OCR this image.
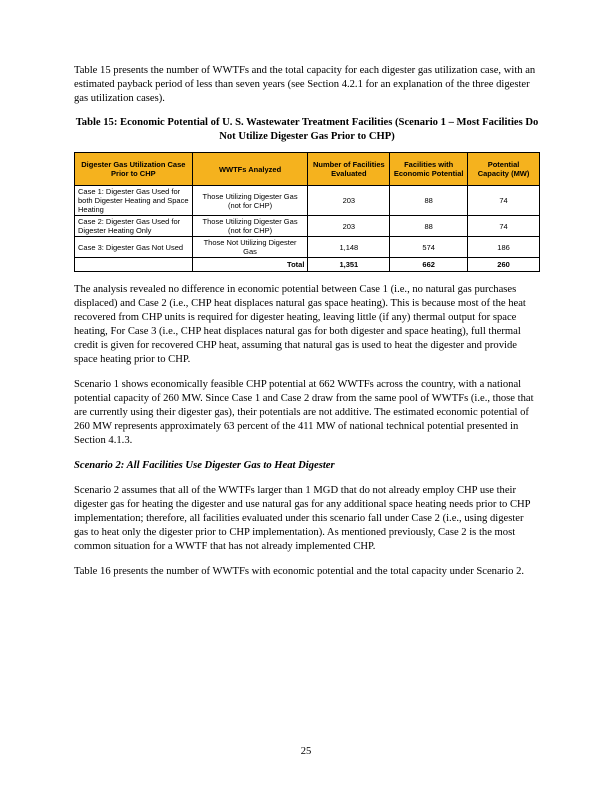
Table 15 presents the number of WWTFs and the total capacity for each digester gas utilization case, with an estimated payback period of less than seven years (see Section 4.2.1 for an explanation of the three digester gas utilization cases).

Table 15: Economic Potential of U. S. Wastewater Treatment Facilities (Scenario 1 – Most Facilities Do Not Utilize Digester Gas Prior to CHP)
Digester Gas Utilization Case Prior to CHP	WWTFs Analyzed	Number of Facilities Evaluated	Facilities with Economic Potential	Potential Capacity (MW)
Case 1: Digester Gas Used for both Digester Heating and Space Heating	Those Utilizing Digester Gas (not for CHP)	203	88	74
Case 2: Digester Gas Used for Digester Heating Only	Those Utilizing Digester Gas (not for CHP)	203	88	74
Case 3: Digester Gas Not Used	Those Not Utilizing Digester Gas	1,148	574	186
	Total	1,351	662	260

The analysis revealed no difference in economic potential between Case 1 (i.e., no natural gas purchases displaced) and Case 2 (i.e., CHP heat displaces natural gas space heating). This is because most of the heat recovered from CHP units is required for digester heating, leaving little (if any) thermal output for space heating, For Case 3 (i.e., CHP heat displaces natural gas for both digester and space heating), full thermal credit is given for recovered CHP heat, assuming that natural gas is used to heat the digester and provide space heating prior to CHP.

Scenario 1 shows economically feasible CHP potential at 662 WWTFs across the country, with a national potential capacity of 260 MW. Since Case 1 and Case 2 draw from the same pool of WWTFs (i.e., those that are currently using their digester gas), their potentials are not additive. The estimated economic potential of 260 MW represents approximately 63 percent of the 411 MW of national technical potential presented in Section 4.1.3.

Scenario 2: All Facilities Use Digester Gas to Heat Digester

Scenario 2 assumes that all of the WWTFs larger than 1 MGD that do not already employ CHP use their digester gas for heating the digester and use natural gas for any additional space heating needs prior to CHP implementation; therefore, all facilities evaluated under this scenario fall under Case 2 (i.e., using digester gas to heat only the digester prior to CHP implementation). As mentioned previously, Case 2 is the most common situation for a WWTF that has not already implemented CHP.

Table 16 presents the number of WWTFs with economic potential and the total capacity under Scenario 2.

25
